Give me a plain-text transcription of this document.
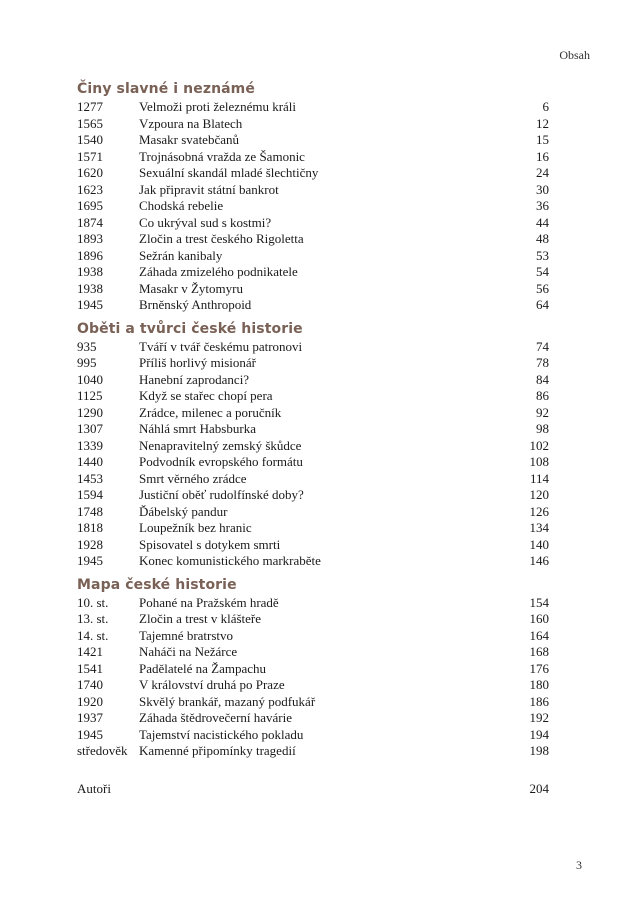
Obsah
Činy slavné i neznámé
1277	Velmoži proti železnému králi	6
1565	Vzpoura na Blatech	12
1540	Masakr svatebčanů	15
1571	Trojnásobná vražda ze Šamonic	16
1620	Sexuální skandál mladé šlechtičny	24
1623	Jak připravit státní bankrot	30
1695	Chodská rebelie	36
1874	Co ukrýval sud s kostmi?	44
1893	Zločin a trest českého Rigoletta	48
1896	Sežrán kanibaly	53
1938	Záhada zmizelého podnikatele	54
1938	Masakr v Žytomyru	56
1945	Brněnský Anthropoid	64
Oběti a tvůrci české historie
935	Tváří v tvář českému patronovi	74
995	Příliš horlivý misionář	78
1040	Hanební zaprodanci?	84
1125	Když se stařec chopí pera	86
1290	Zrádce, milenec a poručník	92
1307	Náhlá smrt Habsburka	98
1339	Nenapravitelný zemský škůdce	102
1440	Podvodník evropského formátu	108
1453	Smrt věrného zrádce	114
1594	Justiční oběť rudolfínské doby?	120
1748	Ďábelský pandur	126
1818	Loupežník bez hranic	134
1928	Spisovatel s dotykem smrti	140
1945	Konec komunistického markraběte	146
Mapa české historie
10. st.	Pohané na Pražském hradě	154
13. st.	Zločin a trest v klášteře	160
14. st.	Tajemné bratrstvo	164
1421	Naháči na Nežárce	168
1541	Padělatelé na Žampachu	176
1740	V království druhá po Praze	180
1920	Skvělý brankář, mazaný podfukář	186
1937	Záhada štědrovečerní havárie	192
1945	Tajemství nacistického pokladu	194
středověk Kamenné připomínky tragedií	198
Autoři	204
3
